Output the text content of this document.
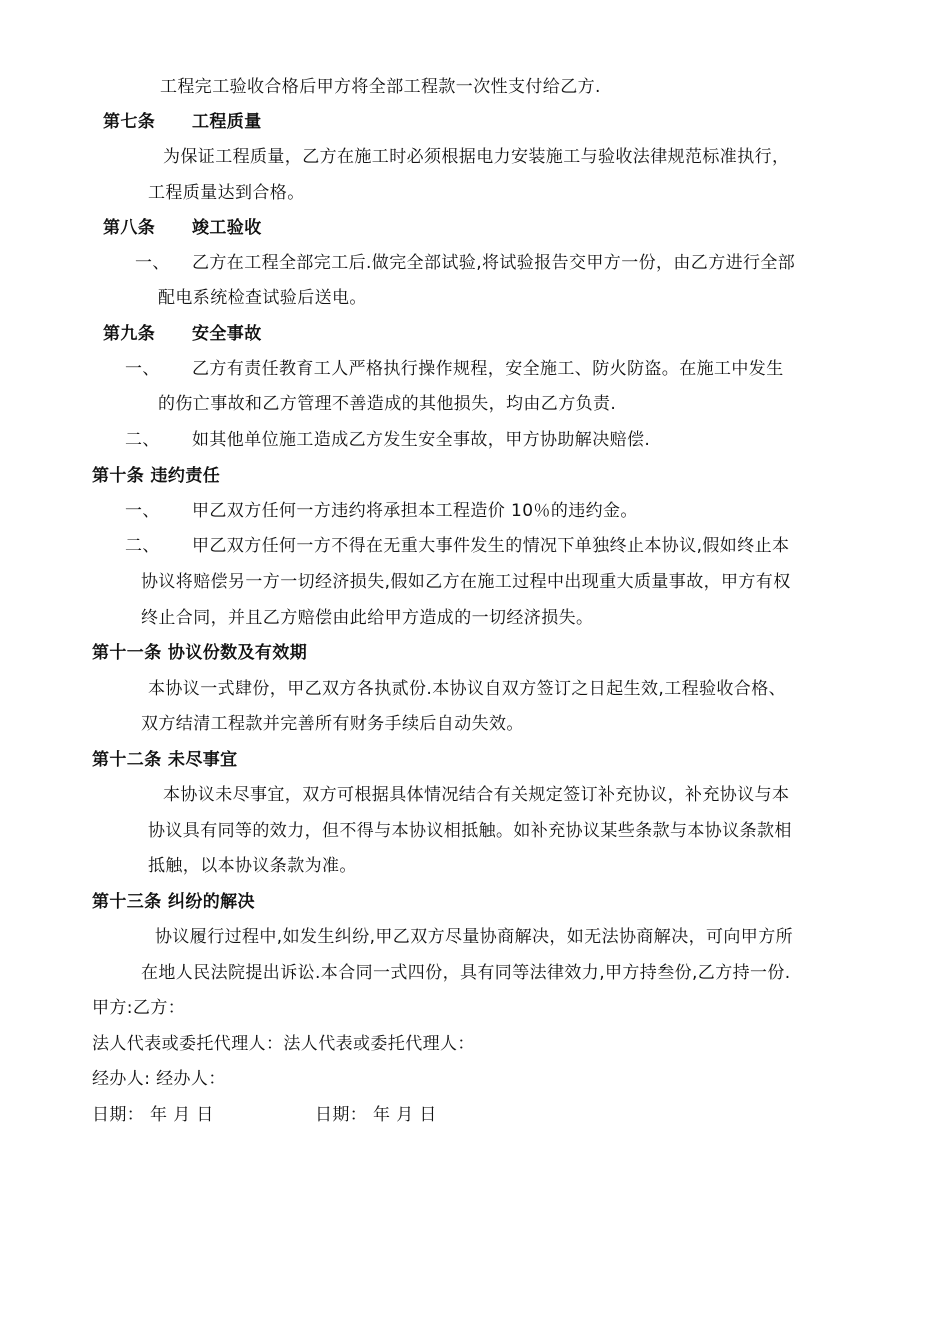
工程完工验收合格后甲方将全部工程款一次性支付给乙方.
第七条 工程质量
为保证工程质量，乙方在施工时必须根据电力安装施工与验收法律规范标准执行，
工程质量达到合格。
第八条 竣工验收
一、 乙方在工程全部完工后.做完全部试验,将试验报告交甲方一份，由乙方进行全部
配电系统检查试验后送电。
第九条 安全事故
一、 乙方有责任教育工人严格执行操作规程，安全施工、防火防盗。在施工中发生
的伤亡事故和乙方管理不善造成的其他损失，均由乙方负责.
二、 如其他单位施工造成乙方发生安全事故，甲方协助解决赔偿.
第十条 违约责任
一、 甲乙双方任何一方违约将承担本工程造价 10％的违约金。
二、 甲乙双方任何一方不得在无重大事件发生的情况下单独终止本协议,假如终止本
协议将赔偿另一方一切经济损失,假如乙方在施工过程中出现重大质量事故，甲方有权
终止合同，并且乙方赔偿由此给甲方造成的一切经济损失。
第十一条 协议份数及有效期
本协议一式肆份，甲乙双方各执贰份.本协议自双方签订之日起生效,工程验收合格、
双方结清工程款并完善所有财务手续后自动失效。
第十二条 未尽事宜
本协议未尽事宜，双方可根据具体情况结合有关规定签订补充协议，补充协议与本
协议具有同等的效力，但不得与本协议相抵触。如补充协议某些条款与本协议条款相
抵触，以本协议条款为准。
第十三条 纠纷的解决
协议履行过程中,如发生纠纷,甲乙双方尽量协商解决，如无法协商解决，可向甲方所
在地人民法院提出诉讼.本合同一式四份，具有同等法律效力,甲方持叁份,乙方持一份.
甲方:乙方：
法人代表或委托代理人：法人代表或委托代理人：
经办人: 经办人：
日期： 年 月 日	日期： 年 月 日
